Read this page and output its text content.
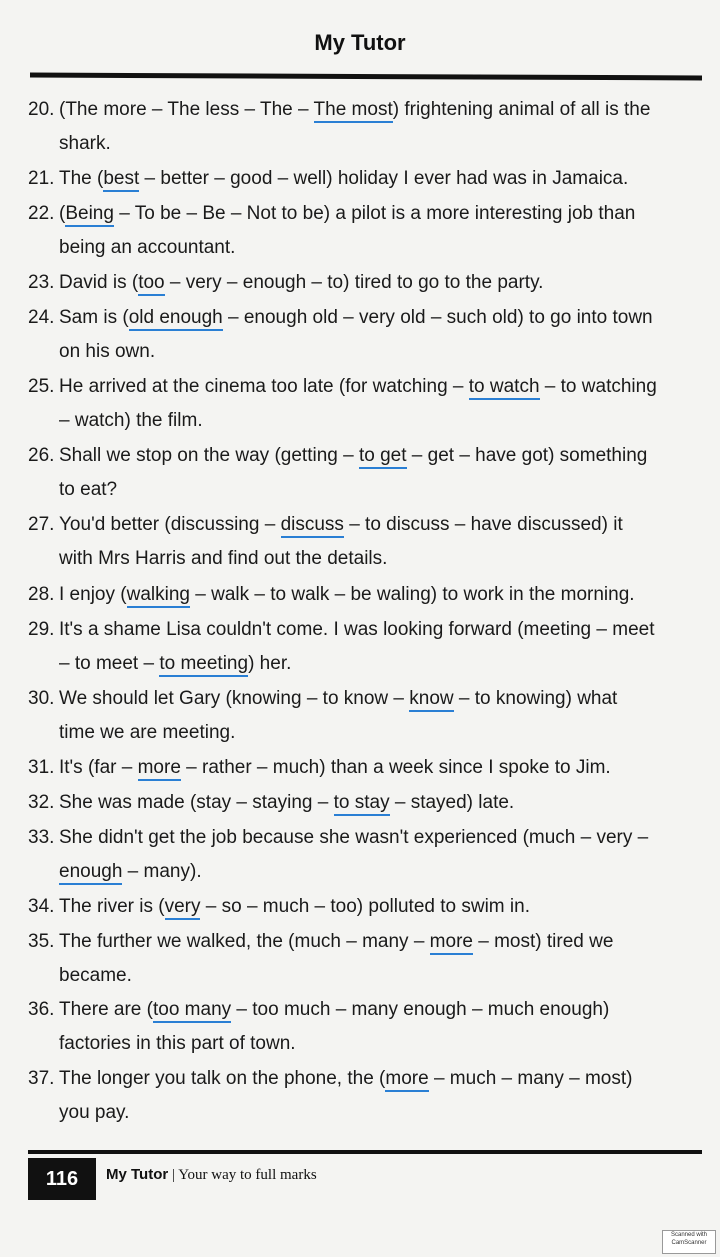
My Tutor
20. (The more – The less – The – The most) frightening animal of all is the
shark.
21. The (best – better – good – well) holiday I ever had was in Jamaica.
22. (Being – To be – Be – Not to be) a pilot is a more interesting job than
being an accountant.
23. David is (too – very – enough – to) tired to go to the party.
24. Sam is (old enough – enough old – very old – such old) to go into town
on his own.
25. He arrived at the cinema too late (for watching – to watch – to watching
– watch) the film.
26. Shall we stop on the way (getting – to get – get – have got) something
to eat?
27. You'd better (discussing – discuss – to discuss – have discussed) it
with Mrs Harris and find out the details.
28. I enjoy (walking – walk – to walk – be waling) to work in the morning.
29. It's a shame Lisa couldn't come. I was looking forward (meeting – meet
– to meet – to meeting) her.
30. We should let Gary (knowing – to know – know – to knowing) what
time we are meeting.
31. It's (far – more – rather – much) than a week since I spoke to Jim.
32. She was made (stay – staying – to stay – stayed) late.
33. She didn't get the job because she wasn't experienced (much – very –
enough – many).
34. The river is (very – so – much – too) polluted to swim in.
35. The further we walked, the (much – many – more – most) tired we
became.
36. There are (too many – too much – many enough – much enough)
factories in this part of town.
37. The longer you talk on the phone, the (more – much – many – most)
you pay.
116	My Tutor | Your way to full marks
Scanned with
CamScanner
